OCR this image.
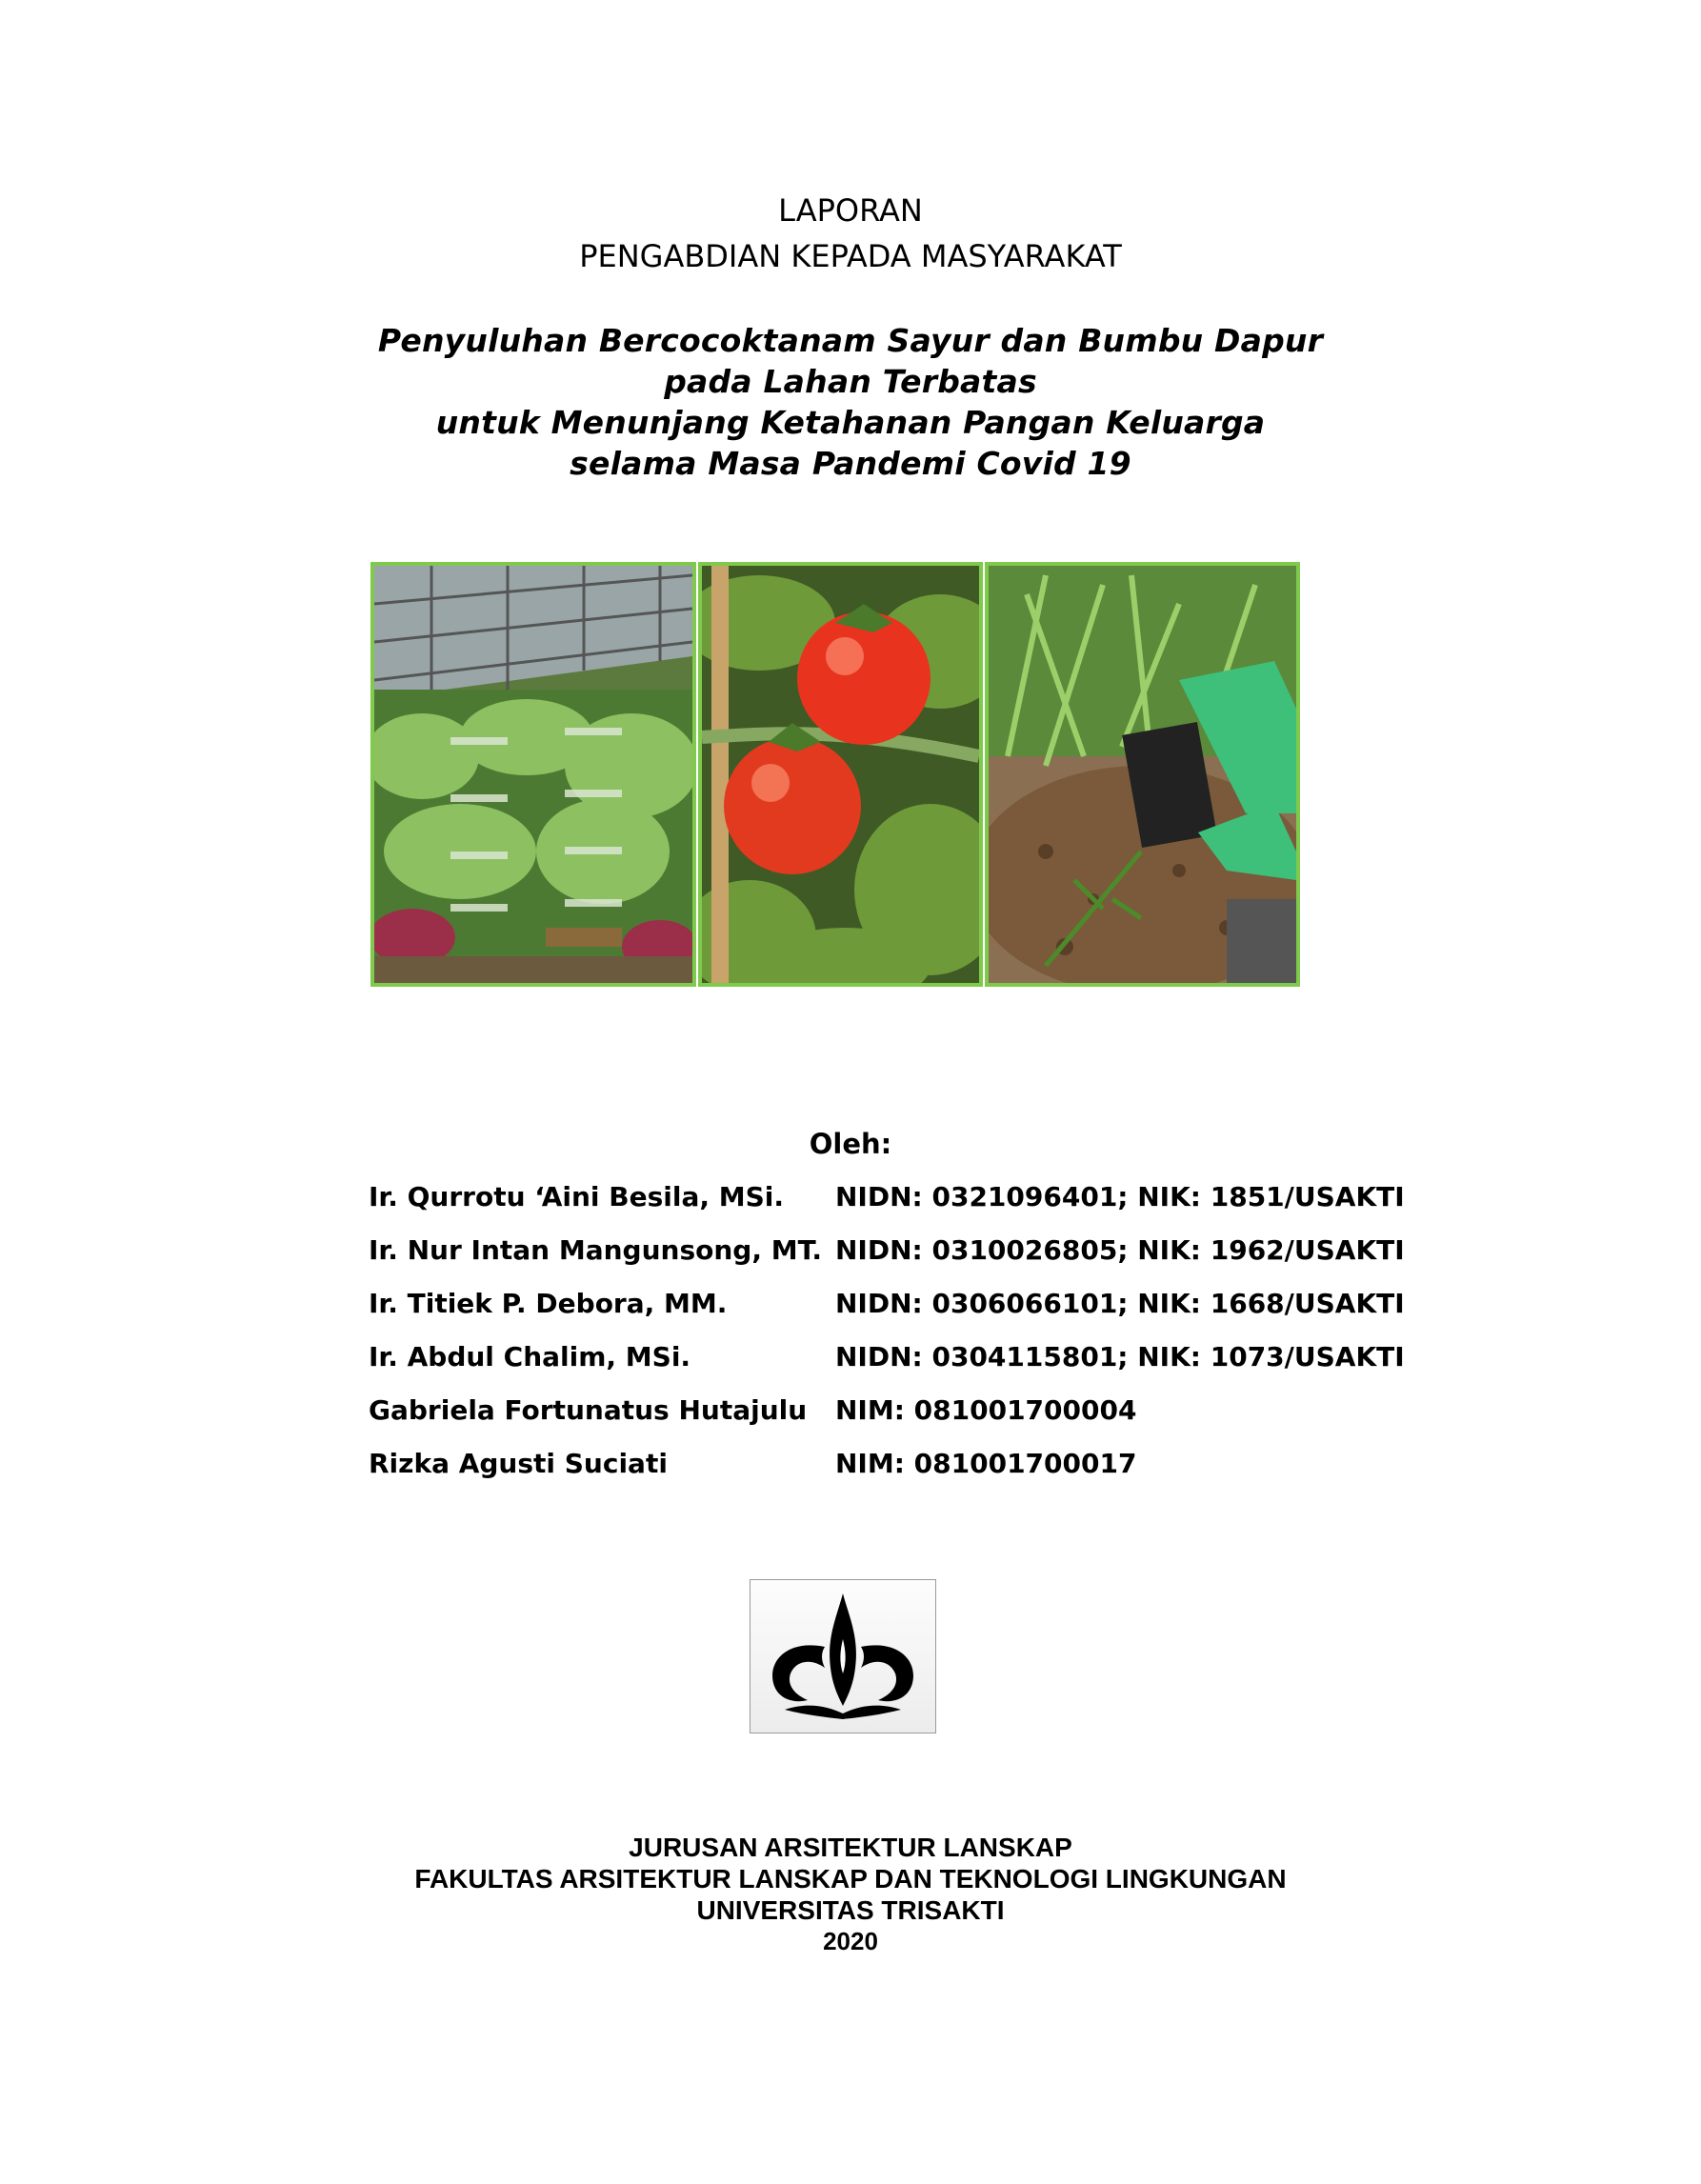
LAPORAN
PENGABDIAN KEPADA MASYARAKAT
Penyuluhan Bercocoktanam Sayur dan Bumbu Dapur
pada Lahan Terbatas
untuk Menunjang Ketahanan Pangan Keluarga
selama Masa Pandemi Covid 19
Oleh:
Ir. Qurrotu ‘Aini Besila, MSi. NIDN: 0321096401; NIK: 1851/USAKTI
Ir. Nur Intan Mangunsong, MT. NIDN: 0310026805; NIK: 1962/USAKTI
Ir. Titiek P. Debora, MM.	NIDN: 0306066101; NIK: 1668/USAKTI
Ir. Abdul Chalim, MSi.	NIDN: 0304115801; NIK: 1073/USAKTI
Gabriela Fortunatus Hutajulu NIM: 081001700004
Rizka Agusti Suciati	NIM: 081001700017
JURUSAN ARSITEKTUR LANSKAP
FAKULTAS ARSITEKTUR LANSKAP DAN TEKNOLOGI LINGKUNGAN
UNIVERSITAS TRISAKTI
2020
